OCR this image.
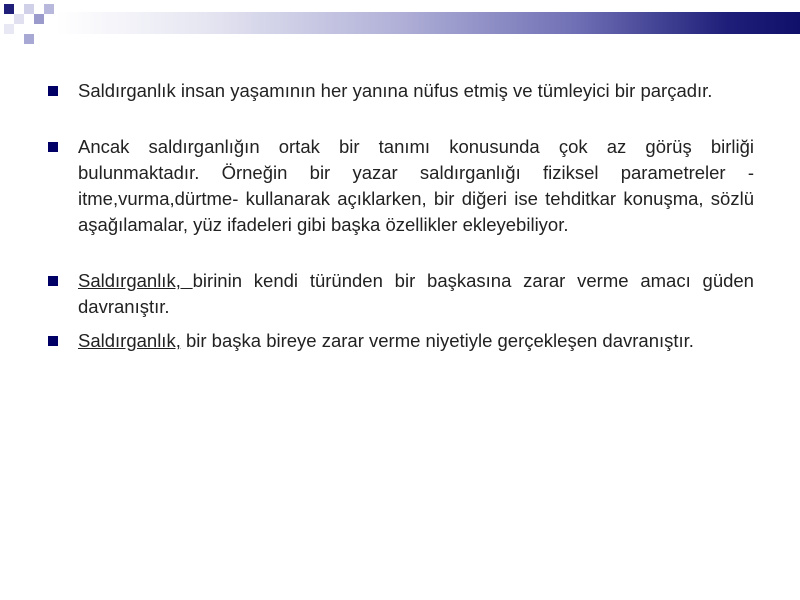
Saldırganlık insan yaşamının her yanına nüfus etmiş ve tümleyici bir parçadır.
Ancak saldırganlığın ortak bir tanımı konusunda çok az görüş birliği bulunmaktadır. Örneğin bir yazar saldırganlığı fiziksel parametreler -itme,vurma,dürtme- kullanarak açıklarken, bir diğeri ise tehditkar konuşma, sözlü aşağılamalar, yüz ifadeleri gibi başka özellikler ekleyebiliyor.
Saldırganlık, birinin kendi türünden bir başkasına zarar verme amacı güden davranıştır.
Saldırganlık, bir başka bireye zarar verme niyetiyle gerçekleşen davranıştır.
